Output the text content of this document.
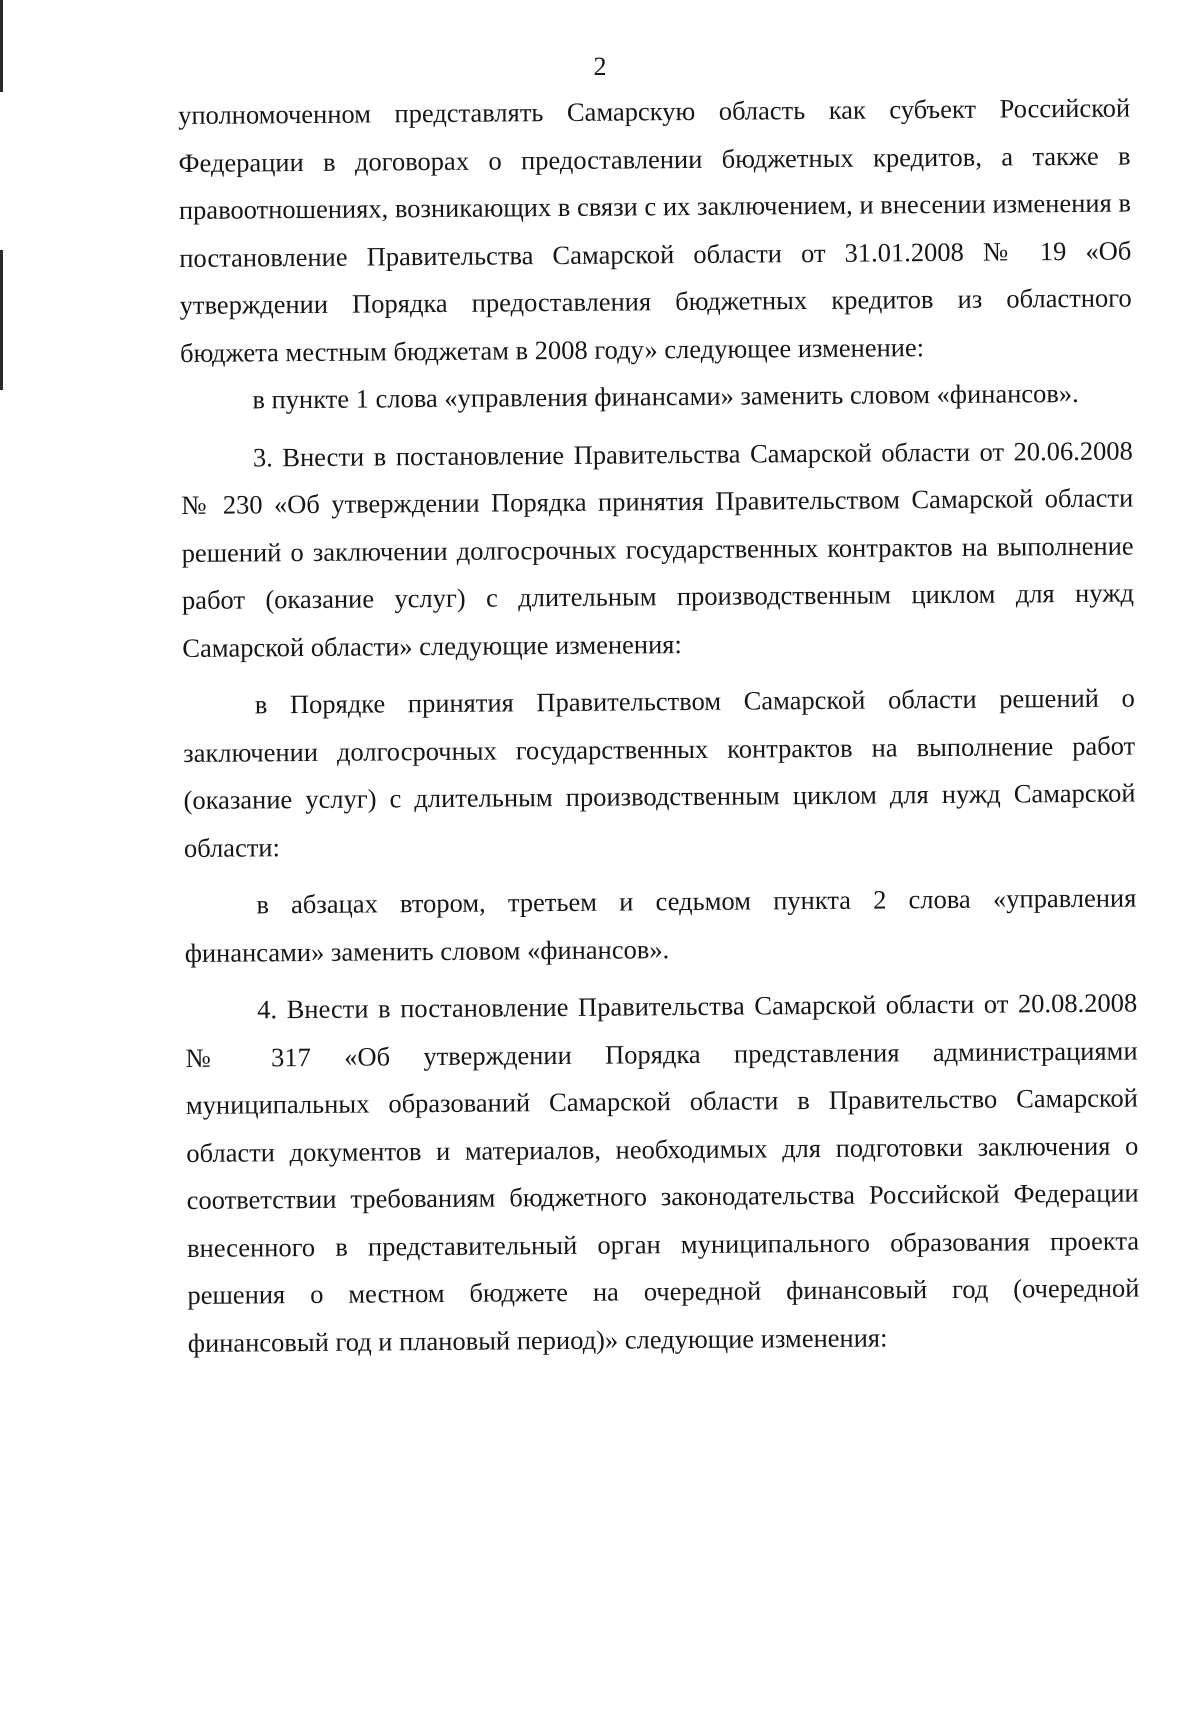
2

уполномоченном представлять Самарскую область как субъект Российской Федерации в договорах о предоставлении бюджетных кредитов, а также в правоотношениях, возникающих в связи с их заключением, и внесении изменения в постановление Правительства Самарской области от 31.01.2008 № 19 «Об утверждении Порядка предоставления бюджетных кредитов из областного бюджета местным бюджетам в 2008 году» следующее изменение:

в пункте 1 слова «управления финансами» заменить словом «финансов».

3. Внести в постановление Правительства Самарской области от 20.06.2008 № 230 «Об утверждении Порядка принятия Правительством Самарской области решений о заключении долгосрочных государственных контрактов на выполнение работ (оказание услуг) с длительным производственным циклом для нужд Самарской области» следующие изменения:

в Порядке принятия Правительством Самарской области решений о заключении долгосрочных государственных контрактов на выполнение работ (оказание услуг) с длительным производственным циклом для нужд Самарской области:

в абзацах втором, третьем и седьмом пункта 2 слова «управления финансами» заменить словом «финансов».

4. Внести в постановление Правительства Самарской области от 20.08.2008 № 317 «Об утверждении Порядка представления администрациями муниципальных образований Самарской области в Правительство Самарской области документов и материалов, необходимых для подготовки заключения о соответствии требованиям бюджетного законодательства Российской Федерации внесенного в представительный орган муниципального образования проекта решения о местном бюджете на очередной финансовый год (очередной финансовый год и плановый период)» следующие изменения:
